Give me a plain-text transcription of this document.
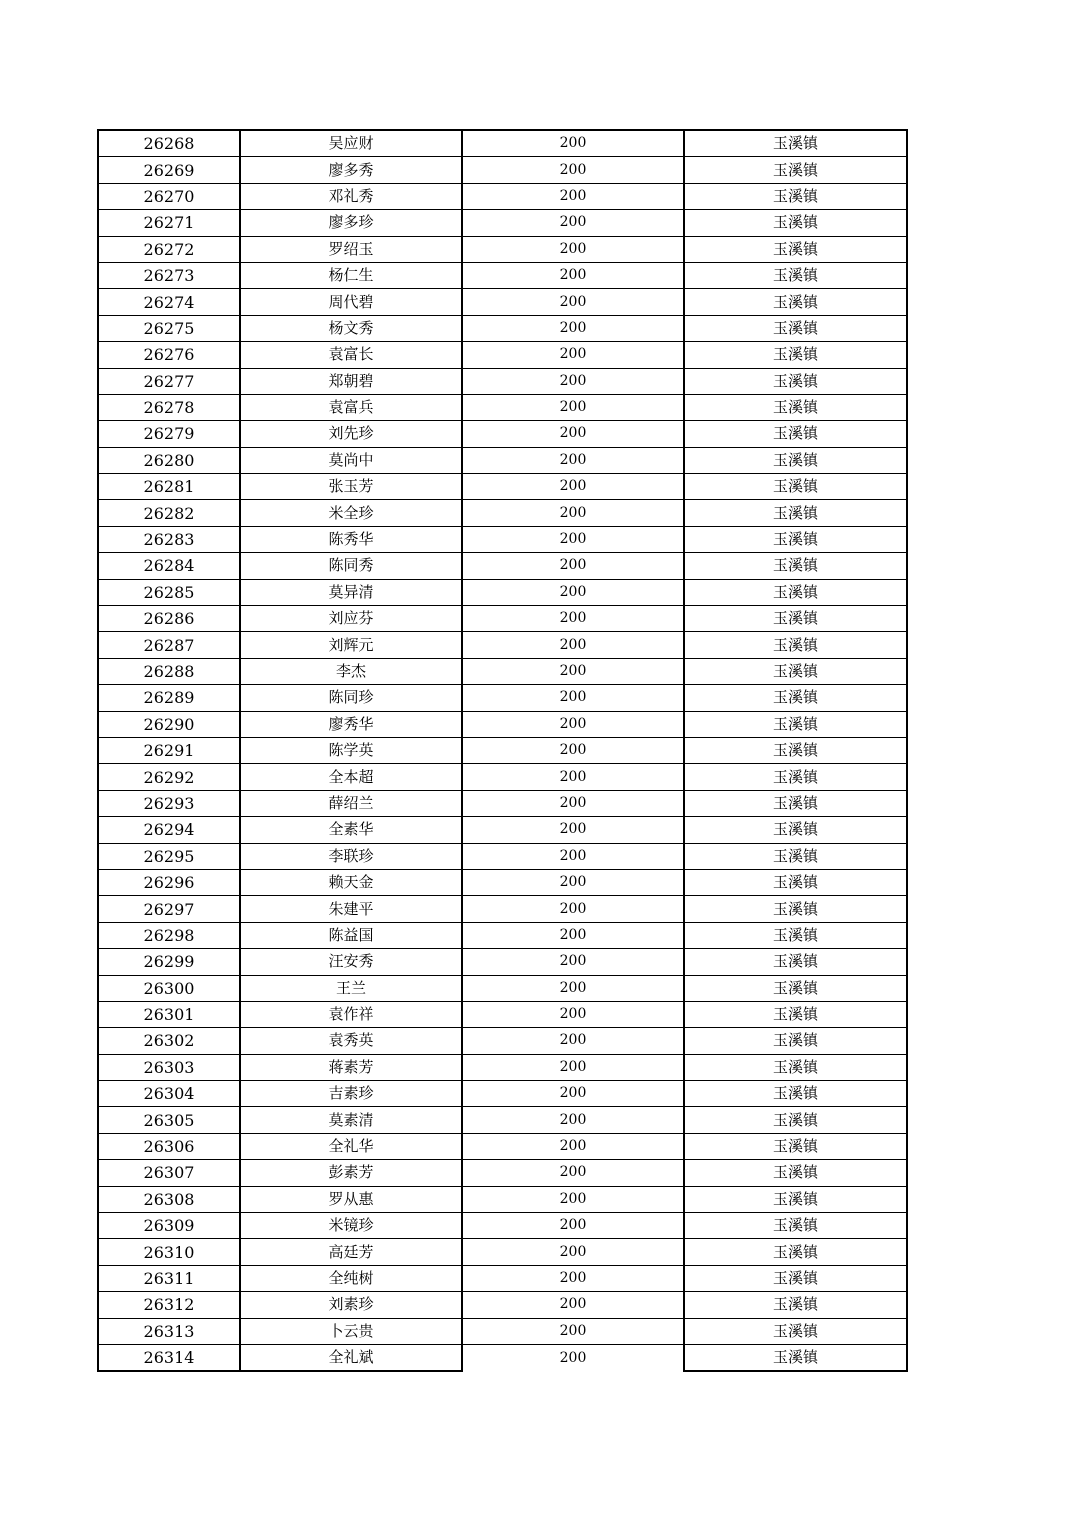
26268	吴应财	200	玉溪镇
26269	廖多秀	200	玉溪镇
26270	邓礼秀	200	玉溪镇
26271	廖多珍	200	玉溪镇
26272	罗绍玉	200	玉溪镇
26273	杨仁生	200	玉溪镇
26274	周代碧	200	玉溪镇
26275	杨文秀	200	玉溪镇
26276	袁富长	200	玉溪镇
26277	郑朝碧	200	玉溪镇
26278	袁富兵	200	玉溪镇
26279	刘先珍	200	玉溪镇
26280	莫尚中	200	玉溪镇
26281	张玉芳	200	玉溪镇
26282	米全珍	200	玉溪镇
26283	陈秀华	200	玉溪镇
26284	陈同秀	200	玉溪镇
26285	莫异清	200	玉溪镇
26286	刘应芬	200	玉溪镇
26287	刘辉元	200	玉溪镇
26288	李杰	200	玉溪镇
26289	陈同珍	200	玉溪镇
26290	廖秀华	200	玉溪镇
26291	陈学英	200	玉溪镇
26292	全本超	200	玉溪镇
26293	薛绍兰	200	玉溪镇
26294	全素华	200	玉溪镇
26295	李联珍	200	玉溪镇
26296	赖天金	200	玉溪镇
26297	朱建平	200	玉溪镇
26298	陈益国	200	玉溪镇
26299	汪安秀	200	玉溪镇
26300	王兰	200	玉溪镇
26301	袁作祥	200	玉溪镇
26302	袁秀英	200	玉溪镇
26303	蒋素芳	200	玉溪镇
26304	吉素珍	200	玉溪镇
26305	莫素清	200	玉溪镇
26306	全礼华	200	玉溪镇
26307	彭素芳	200	玉溪镇
26308	罗从惠	200	玉溪镇
26309	米镜珍	200	玉溪镇
26310	高廷芳	200	玉溪镇
26311	全纯树	200	玉溪镇
26312	刘素珍	200	玉溪镇
26313	卜云贵	200	玉溪镇
26314	全礼斌	200	玉溪镇
